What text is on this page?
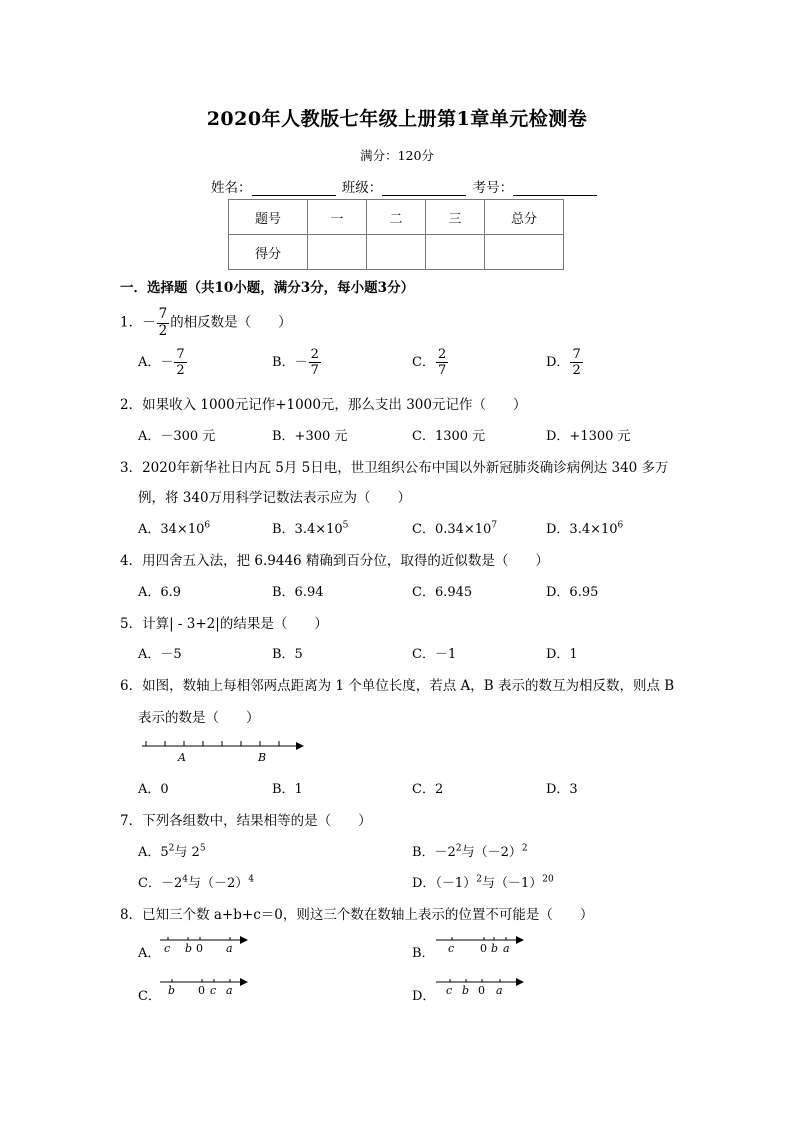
2020年人教版七年级上册第1章单元检测卷
满分：120分
姓名：	班级：	考号：
题号	一	二	三	总分
得分				
一．选择题（共10小题，满分3分，每小题3分）
1．－ $\frac{7}{2}$ 的相反数是（　　）
A．－ $\frac{7}{2}$	B．－ $\frac{2}{7}$	C． $\frac{2}{7}$	D． $\frac{7}{2}$
2．如果收入 1000元记作+1000元，那么支出 300元记作（　　）
A．－300 元	B．+300 元	C．1300 元	D．+1300 元
3．2020年新华社日内瓦 5月 5日电，世卫组织公布中国以外新冠肺炎确诊病例达 340 多万
例，将 340万用科学记数法表示应为（　　）
A．$34\times 10^6$	B．$3.4\times 10^5$	C．$0.34\times 10^7$	D．$3.4\times 10^6$
4．用四舍五入法，把 6.9446 精确到百分位，取得的近似数是（　　）
A．6.9	B．6.94	C．6.945	D．6.95
5．计算| - 3+2|的结果是（　　）
A．－5	B．5	C．－1	D．1
6．如图，数轴上每相邻两点距离为 1 个单位长度，若点 A，B 表示的数互为相反数，则点 B
表示的数是（　　）
A	B
A．0	B．1	C．2	D．3
7．下列各组数中，结果相等的是（　　）
A．$5^2$与 $2^5$	B．$-2^2$与$(-2)^2$
C．$-2^4$与$(-2)^4$	D．$(-1)^2$与$(-1)^{20}$
8．已知三个数 a+b+c＝0，则这三个数在数轴上表示的位置不可能是（　　）
A． c b 0 a	B． c 0 b a
C． b 0 c a	D． c b 0 a
